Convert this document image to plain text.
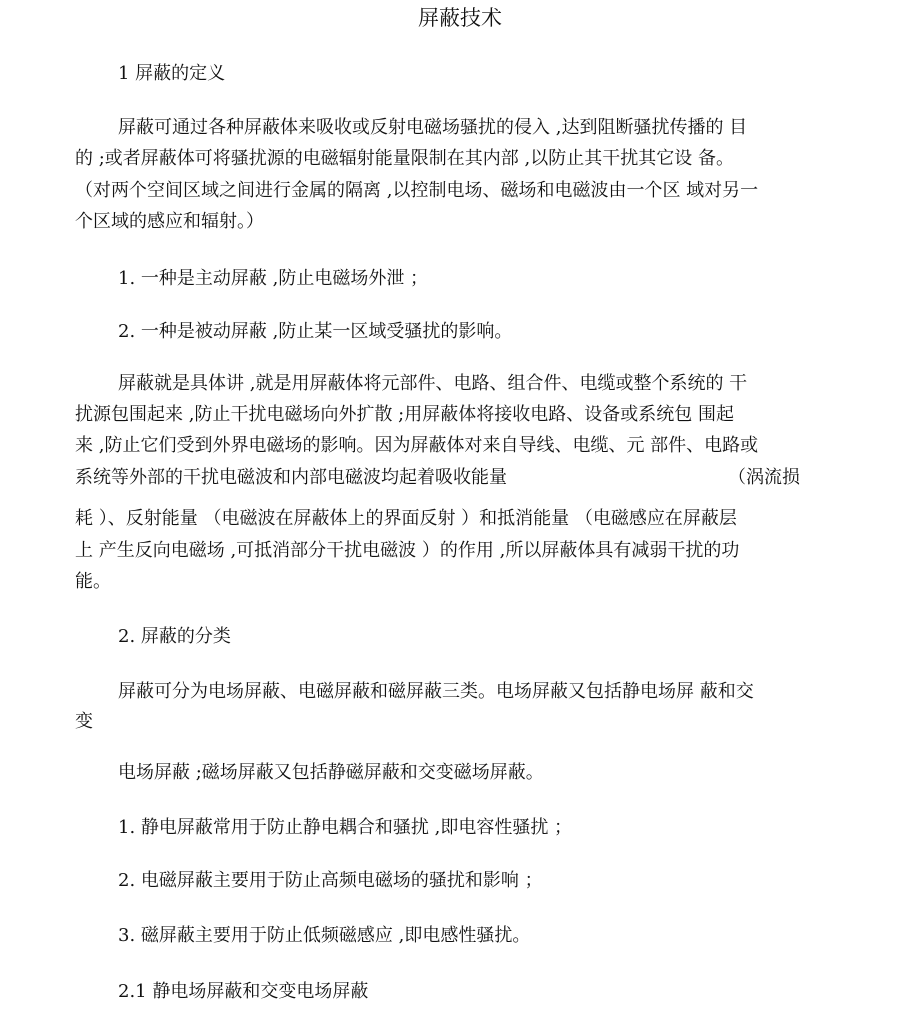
屏蔽技术
1 屏蔽的定义
屏蔽可通过各种屏蔽体来吸收或反射电磁场骚扰的侵入 ,达到阻断骚扰传播的 目
的 ;或者屏蔽体可将骚扰源的电磁辐射能量限制在其内部 ,以防止其干扰其它设 备。
（对两个空间区域之间进行金属的隔离 ,以控制电场、磁场和电磁波由一个区 域对另一
个区域的感应和辐射。）
1. 一种是主动屏蔽 ,防止电磁场外泄 ；
2. 一种是被动屏蔽 ,防止某一区域受骚扰的影响。
屏蔽就是具体讲 ,就是用屏蔽体将元部件、电路、组合件、电缆或整个系统的 干
扰源包围起来 ,防止干扰电磁场向外扩散 ;用屏蔽体将接收电路、设备或系统包 围起
来 ,防止它们受到外界电磁场的影响。因为屏蔽体对来自导线、电缆、元 部件、电路或
系统等外部的干扰电磁波和内部电磁波均起着吸收能量	（涡流损
耗 ）、反射能量 （电磁波在屏蔽体上的界面反射 ）和抵消能量 （电磁感应在屏蔽层
上 产生反向电磁场 ,可抵消部分干扰电磁波 ）的作用 ,所以屏蔽体具有减弱干扰的功
能。
2. 屏蔽的分类
屏蔽可分为电场屏蔽、电磁屏蔽和磁屏蔽三类。电场屏蔽又包括静电场屏 蔽和交
变
电场屏蔽 ;磁场屏蔽又包括静磁屏蔽和交变磁场屏蔽。
1. 静电屏蔽常用于防止静电耦合和骚扰 ,即电容性骚扰 ；
2. 电磁屏蔽主要用于防止高频电磁场的骚扰和影响 ；
3. 磁屏蔽主要用于防止低频磁感应 ,即电感性骚扰。
2.1 静电场屏蔽和交变电场屏蔽
